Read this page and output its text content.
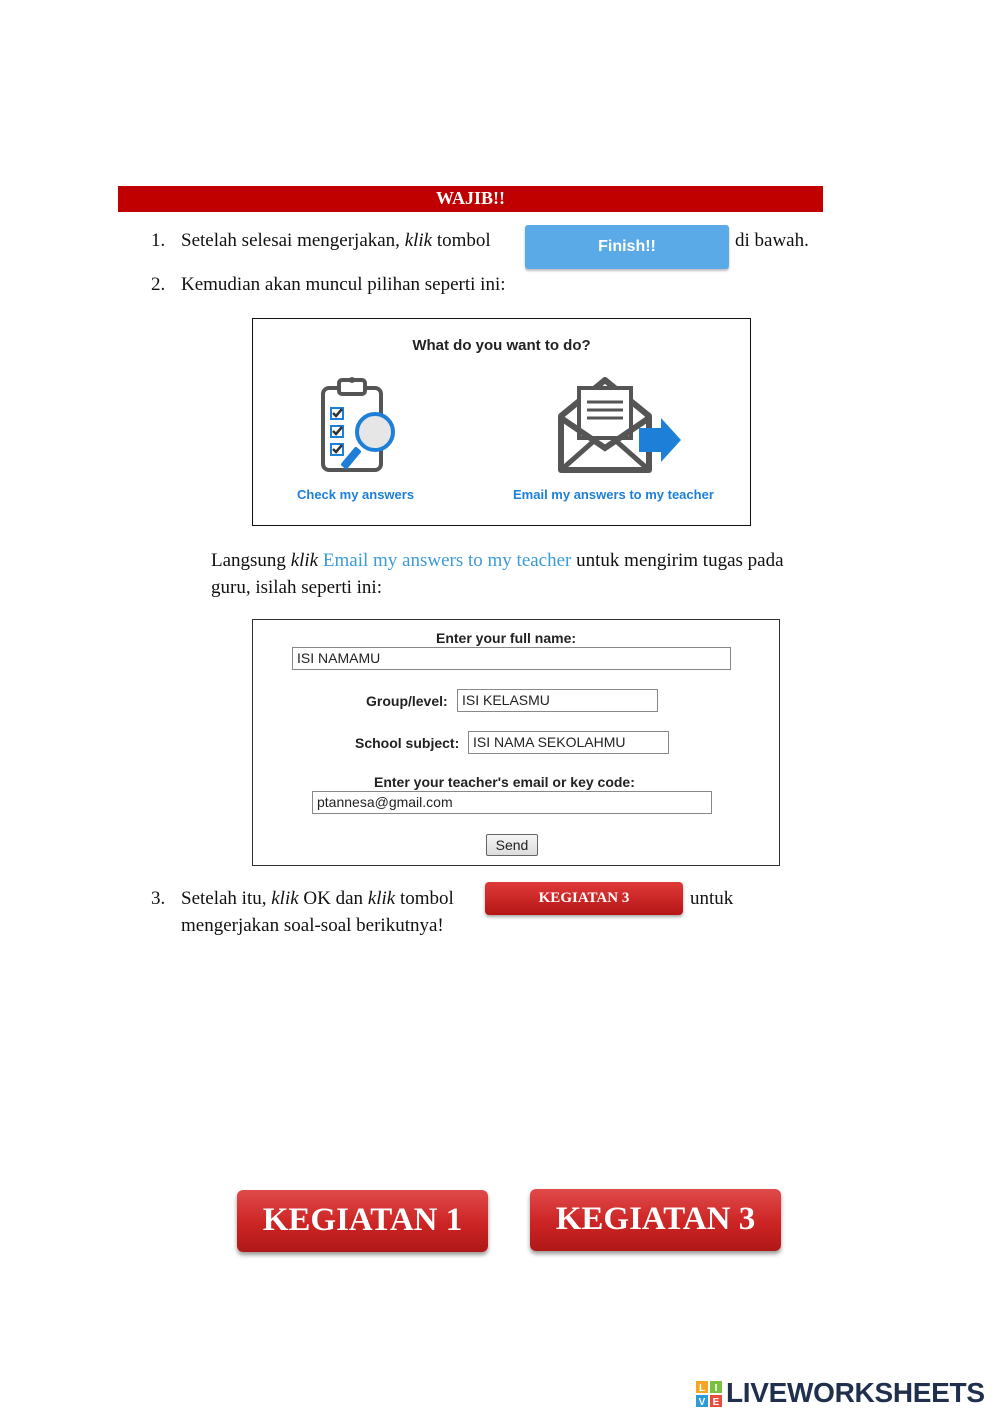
WAJIB!!
1. Setelah selesai mengerjakan, klik tombol	Finish!!	di bawah.
2. Kemudian akan muncul pilihan seperti ini:
What do you want to do?
Check my answers	Email my answers to my teacher
Langsung klik Email my answers to my teacher untuk mengirim tugas pada
guru, isilah seperti ini:
Enter your full name:
ISI NAMAMU
Group/level:	ISI KELASMU
School subject: ISI NAMA SEKOLAHMU
Enter your teacher's email or key code:
ptannesa@gmail.com
Send
3. Setelah itu, klik OK dan klik tombol	KEGIATAN 3	untuk
mengerjakan soal-soal berikutnya!
KEGIATAN 1	KEGIATAN 3
L I
V E LIVEWORKSHEETS
